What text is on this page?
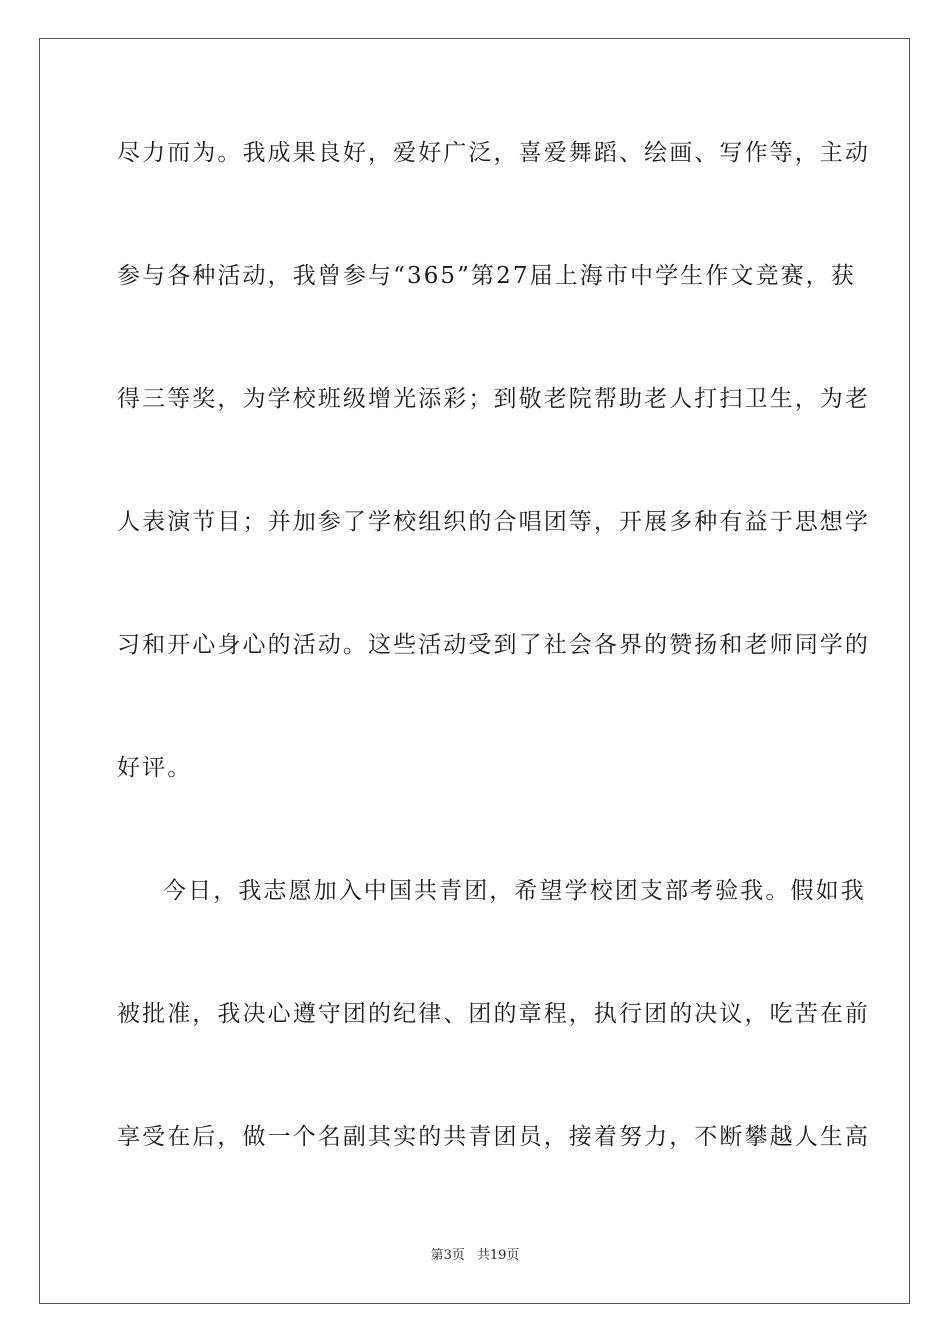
尽力而为。我成果良好，爱好广泛，喜爱舞蹈、绘画、写作等，主动
参与各种活动，我曾参与“365”第27届上海市中学生作文竞赛，获
得三等奖，为学校班级增光添彩；到敬老院帮助老人打扫卫生，为老
人表演节目；并加参了学校组织的合唱团等，开展多种有益于思想学
习和开心身心的活动。这些活动受到了社会各界的赞扬和老师同学的
好评。
今日，我志愿加入中国共青团，希望学校团支部考验我。假如我
被批准，我决心遵守团的纪律、团的章程，执行团的决议，吃苦在前
享受在后，做一个名副其实的共青团员，接着努力，不断攀越人生高
第3页 共19页
